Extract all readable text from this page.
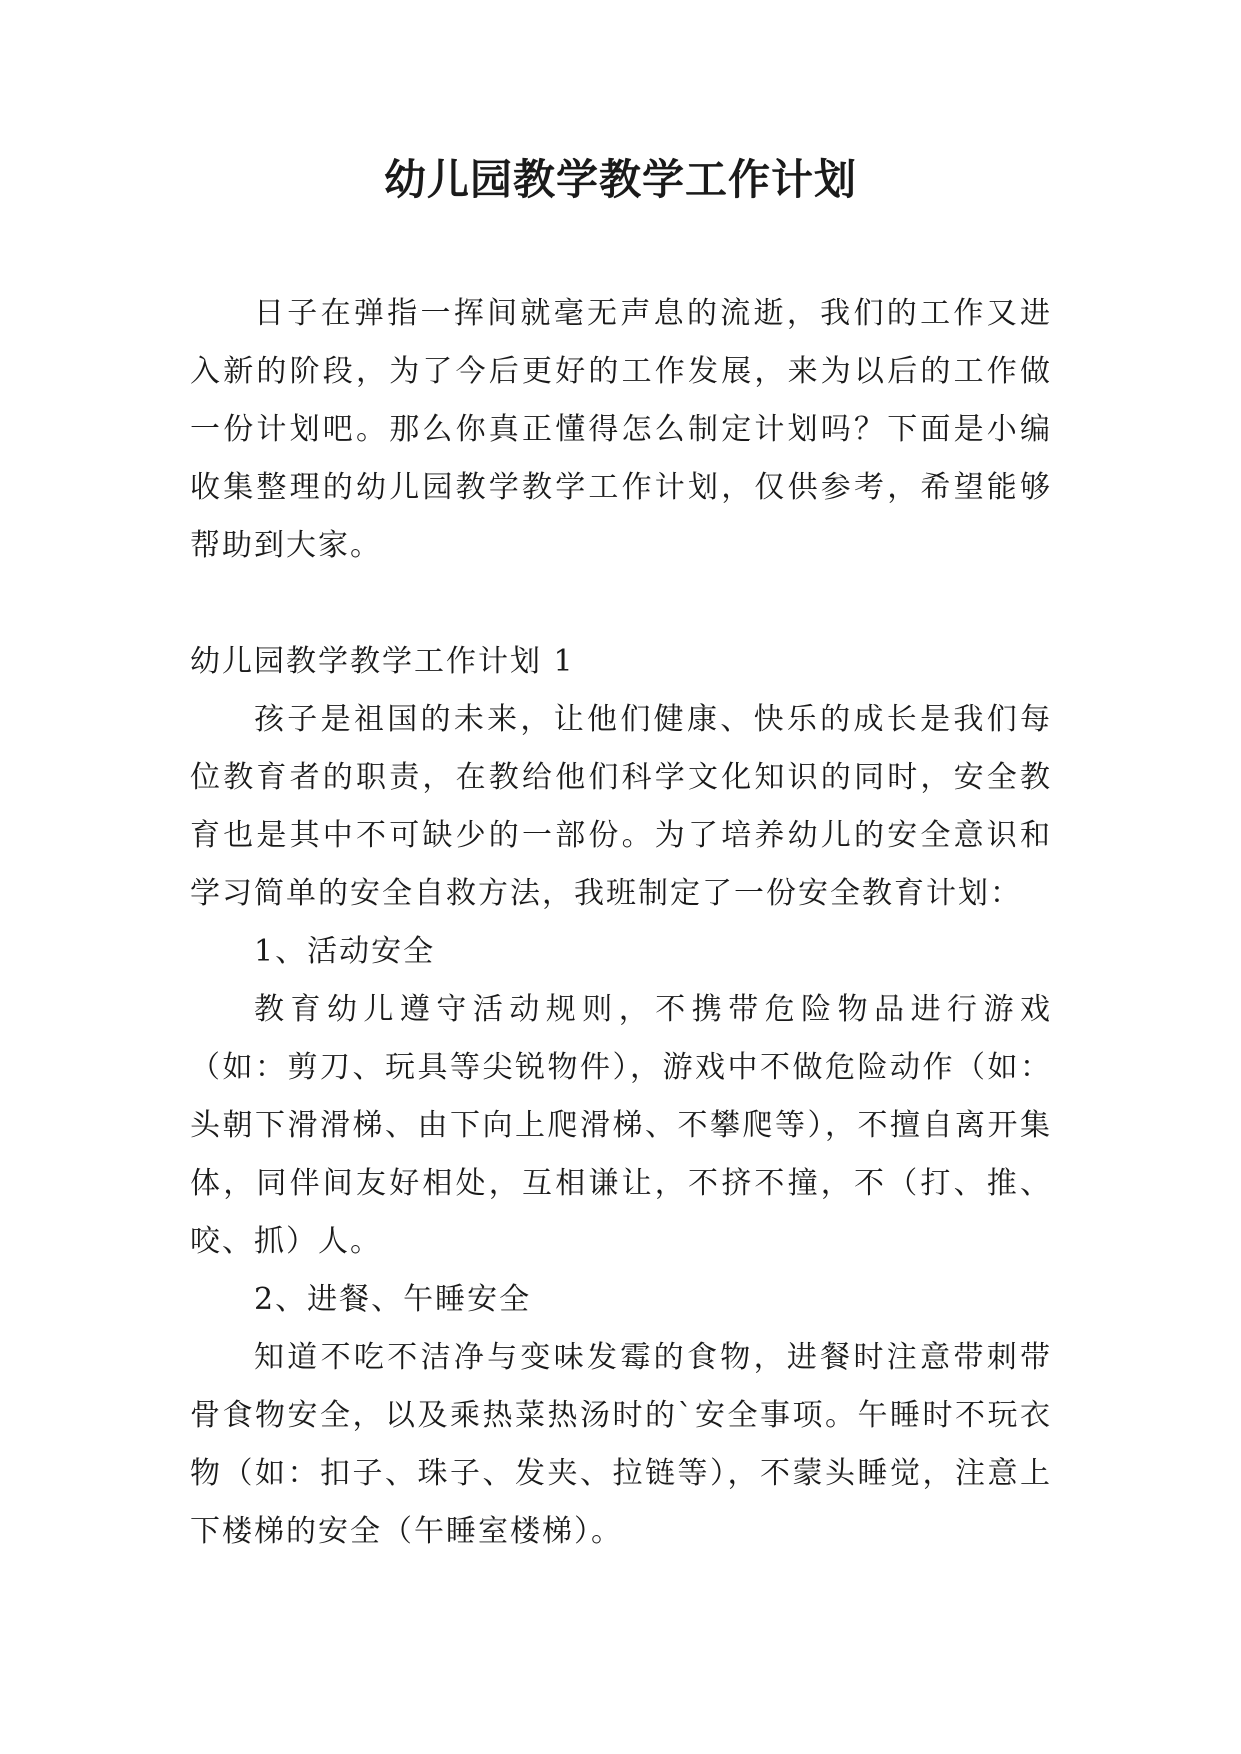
幼儿园教学教学工作计划

日子在弹指一挥间就毫无声息的流逝，我们的工作又进入新的阶段，为了今后更好的工作发展，来为以后的工作做一份计划吧。那么你真正懂得怎么制定计划吗？下面是小编收集整理的幼儿园教学教学工作计划，仅供参考，希望能够帮助到大家。

幼儿园教学教学工作计划 1

孩子是祖国的未来，让他们健康、快乐的成长是我们每位教育者的职责，在教给他们科学文化知识的同时，安全教育也是其中不可缺少的一部份。为了培养幼儿的安全意识和学习简单的安全自救方法，我班制定了一份安全教育计划：

1、活动安全

教育幼儿遵守活动规则，不携带危险物品进行游戏（如：剪刀、玩具等尖锐物件），游戏中不做危险动作（如：头朝下滑滑梯、由下向上爬滑梯、不攀爬等），不擅自离开集体，同伴间友好相处，互相谦让，不挤不撞，不（打、推、咬、抓）人。

2、进餐、午睡安全

知道不吃不洁净与变味发霉的食物，进餐时注意带刺带骨食物安全，以及乘热菜热汤时的`安全事项。午睡时不玩衣物（如：扣子、珠子、发夹、拉链等），不蒙头睡觉，注意上下楼梯的安全（午睡室楼梯）。
